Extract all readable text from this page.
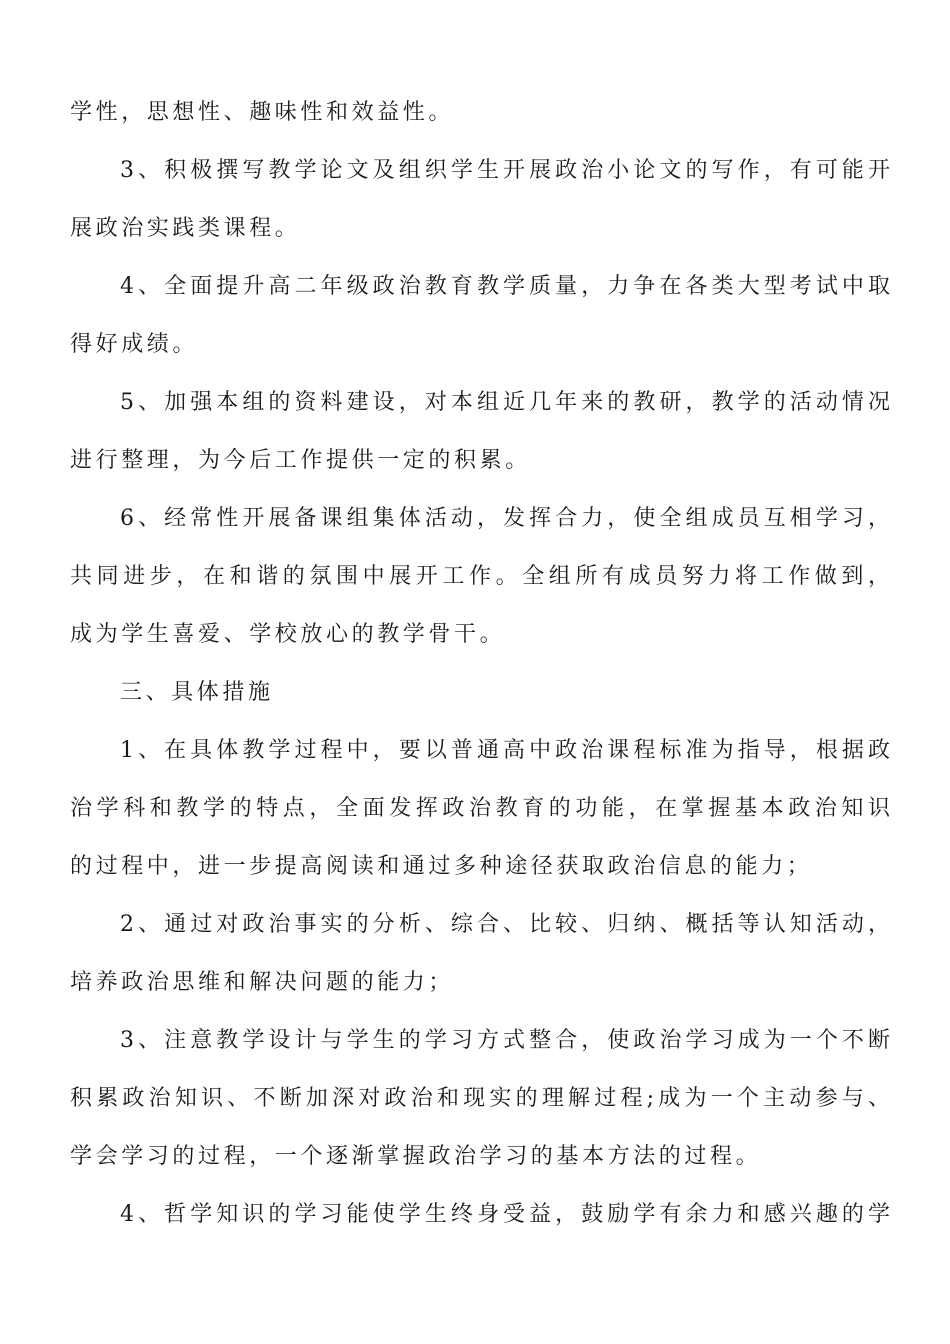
学性，思想性、趣味性和效益性。
3、积极撰写教学论文及组织学生开展政治小论文的写作，有可能开
展政治实践类课程。
4、全面提升高二年级政治教育教学质量，力争在各类大型考试中取
得好成绩。
5、加强本组的资料建设，对本组近几年来的教研，教学的活动情况
进行整理，为今后工作提供一定的积累。
6、经常性开展备课组集体活动，发挥合力，使全组成员互相学习，
共同进步，在和谐的氛围中展开工作。全组所有成员努力将工作做到，
成为学生喜爱、学校放心的教学骨干。
三、具体措施
1、在具体教学过程中，要以普通高中政治课程标准为指导，根据政
治学科和教学的特点，全面发挥政治教育的功能，在掌握基本政治知识
的过程中，进一步提高阅读和通过多种途径获取政治信息的能力；
2、通过对政治事实的分析、综合、比较、归纳、概括等认知活动，
培养政治思维和解决问题的能力；
3、注意教学设计与学生的学习方式整合，使政治学习成为一个不断
积累政治知识、不断加深对政治和现实的理解过程;成为一个主动参与、
学会学习的过程，一个逐渐掌握政治学习的基本方法的过程。
4、哲学知识的学习能使学生终身受益，鼓励学有余力和感兴趣的学
